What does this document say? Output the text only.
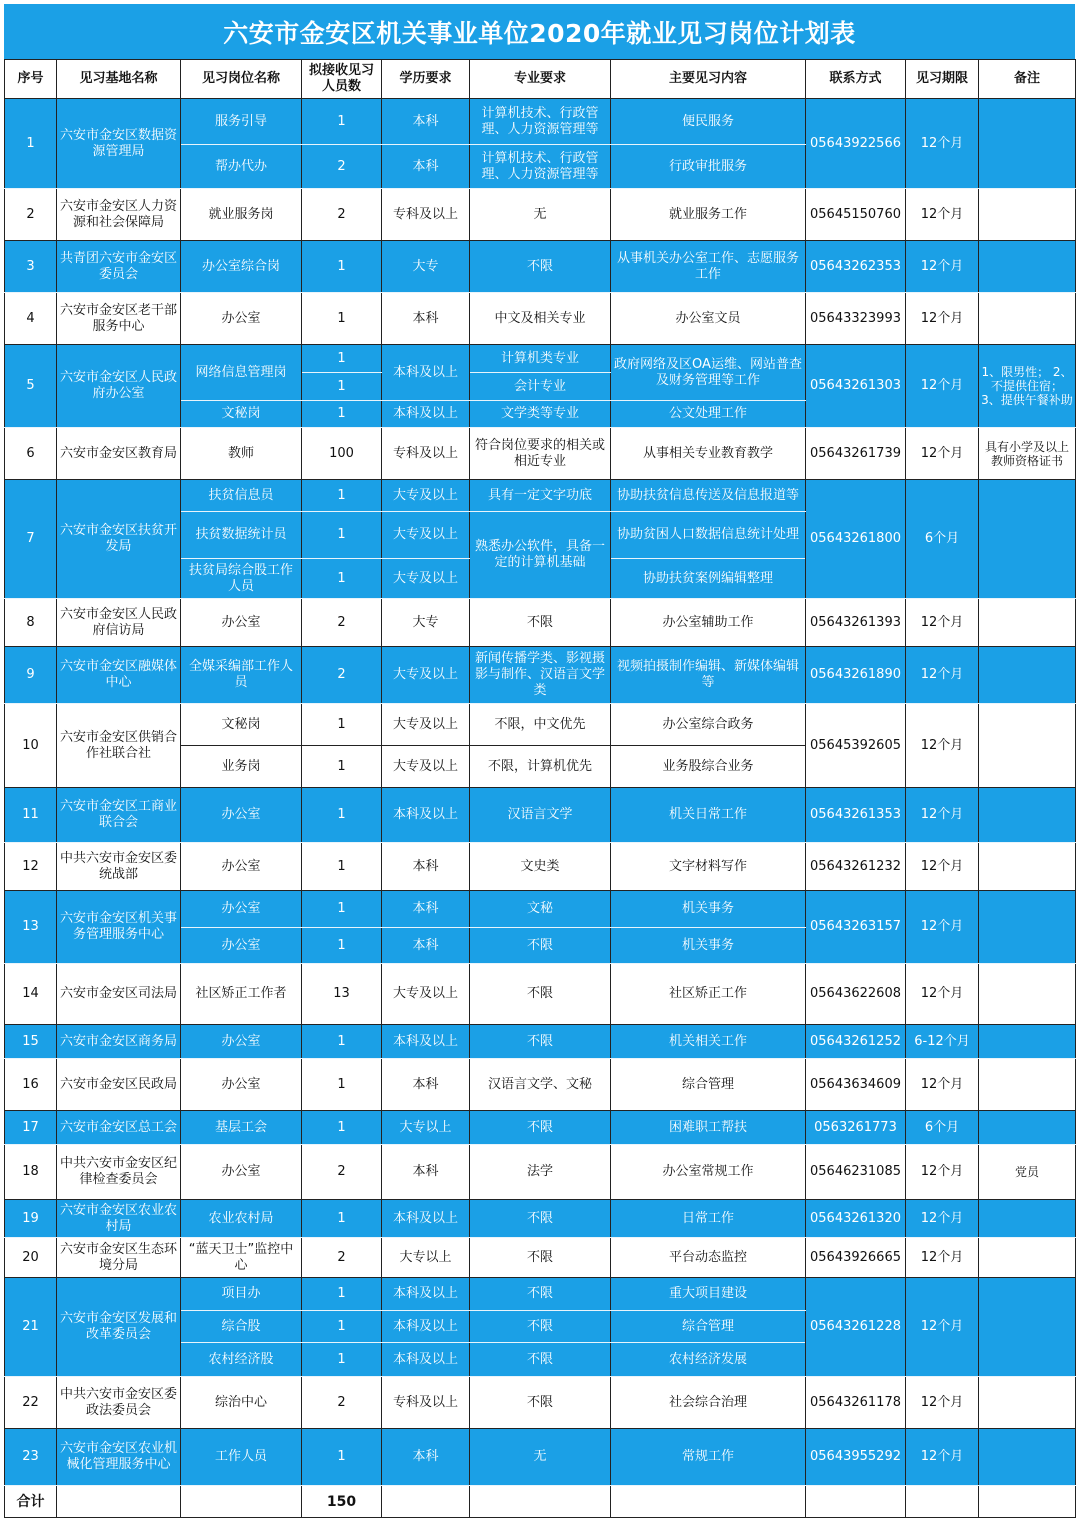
六安市金安区机关事业单位2020年就业见习岗位计划表
序号	见习基地名称	见习岗位名称	拟接收见习人员数	学历要求	专业要求	主要见习内容	联系方式	见习期限	备注
1	六安市金安区数据资源管理局	服务引导	1	本科	计算机技术、行政管理、人力资源管理等	便民服务	05643922566	12个月	
		帮办代办	2	本科	计算机技术、行政管理、人力资源管理等	行政审批服务			
2	六安市金安区人力资源和社会保障局	就业服务岗	2	专科及以上	无	就业服务工作	05645150760	12个月	
3	共青团六安市金安区委员会	办公室综合岗	1	大专	不限	从事机关办公室工作、志愿服务工作	05643262353	12个月	
4	六安市金安区老干部服务中心	办公室	1	本科	中文及相关专业	办公室文员	05643323993	12个月	
5	六安市金安区人民政府办公室	网络信息管理岗	1	本科及以上	计算机类专业	政府网络及区OA运维、网站普查及财务管理等工作	05643261303	12个月	1、限男性； 2、不提供住宿； 3、提供午餐补助
			1		会计专业				
		文秘岗	1	本科及以上	文学类等专业	公文处理工作			
6	六安市金安区教育局	教师	100	专科及以上	符合岗位要求的相关或相近专业	从事相关专业教育教学	05643261739	12个月	具有小学及以上教师资格证书
7	六安市金安区扶贫开发局	扶贫信息员	1	大专及以上	具有一定文字功底	协助扶贫信息传送及信息报道等	05643261800	6个月	
		扶贫数据统计员	1	大专及以上	熟悉办公软件，具备一定的计算机基础	协助贫困人口数据信息统计处理			
		扶贫局综合股工作人员	1	大专及以上		协助扶贫案例编辑整理			
8	六安市金安区人民政府信访局	办公室	2	大专	不限	办公室辅助工作	05643261393	12个月	
9	六安市金安区融媒体中心	全媒采编部工作人员	2	大专及以上	新闻传播学类、影视摄影与制作、汉语言文学类	视频拍摄制作编辑、新媒体编辑等	05643261890	12个月	
10	六安市金安区供销合作社联合社	文秘岗	1	大专及以上	不限，中文优先	办公室综合政务	05645392605	12个月	
		业务岗	1	大专及以上	不限，计算机优先	业务股综合业务			
11	六安市金安区工商业联合会	办公室	1	本科及以上	汉语言文学	机关日常工作	05643261353	12个月	
12	中共六安市金安区委统战部	办公室	1	本科	文史类	文字材料写作	05643261232	12个月	
13	六安市金安区机关事务管理服务中心	办公室	1	本科	文秘	机关事务	05643263157	12个月	
		办公室	1	本科	不限	机关事务			
14	六安市金安区司法局	社区矫正工作者	13	大专及以上	不限	社区矫正工作	05643622608	12个月	
15	六安市金安区商务局	办公室	1	本科及以上	不限	机关相关工作	05643261252	6-12个月	
16	六安市金安区民政局	办公室	1	本科	汉语言文学、文秘	综合管理	05643634609	12个月	
17	六安市金安区总工会	基层工会	1	大专以上	不限	困难职工帮扶	0563261773	6个月	
18	中共六安市金安区纪律检查委员会	办公室	2	本科	法学	办公室常规工作	05646231085	12个月	党员
19	六安市金安区农业农村局	农业农村局	1	本科及以上	不限	日常工作	05643261320	12个月	
20	六安市金安区生态环境分局	“蓝天卫士”监控中心	2	大专以上	不限	平台动态监控	05643926665	12个月	
21	六安市金安区发展和改革委员会	项目办	1	本科及以上	不限	重大项目建设	05643261228	12个月	
		综合股	1	本科及以上	不限	综合管理			
		农村经济股	1	本科及以上	不限	农村经济发展			
22	中共六安市金安区委政法委员会	综治中心	2	专科及以上	不限	社会综合治理	05643261178	12个月	
23	六安市金安区农业机械化管理服务中心	工作人员	1	本科	无	常规工作	05643955292	12个月	
合计			150						
